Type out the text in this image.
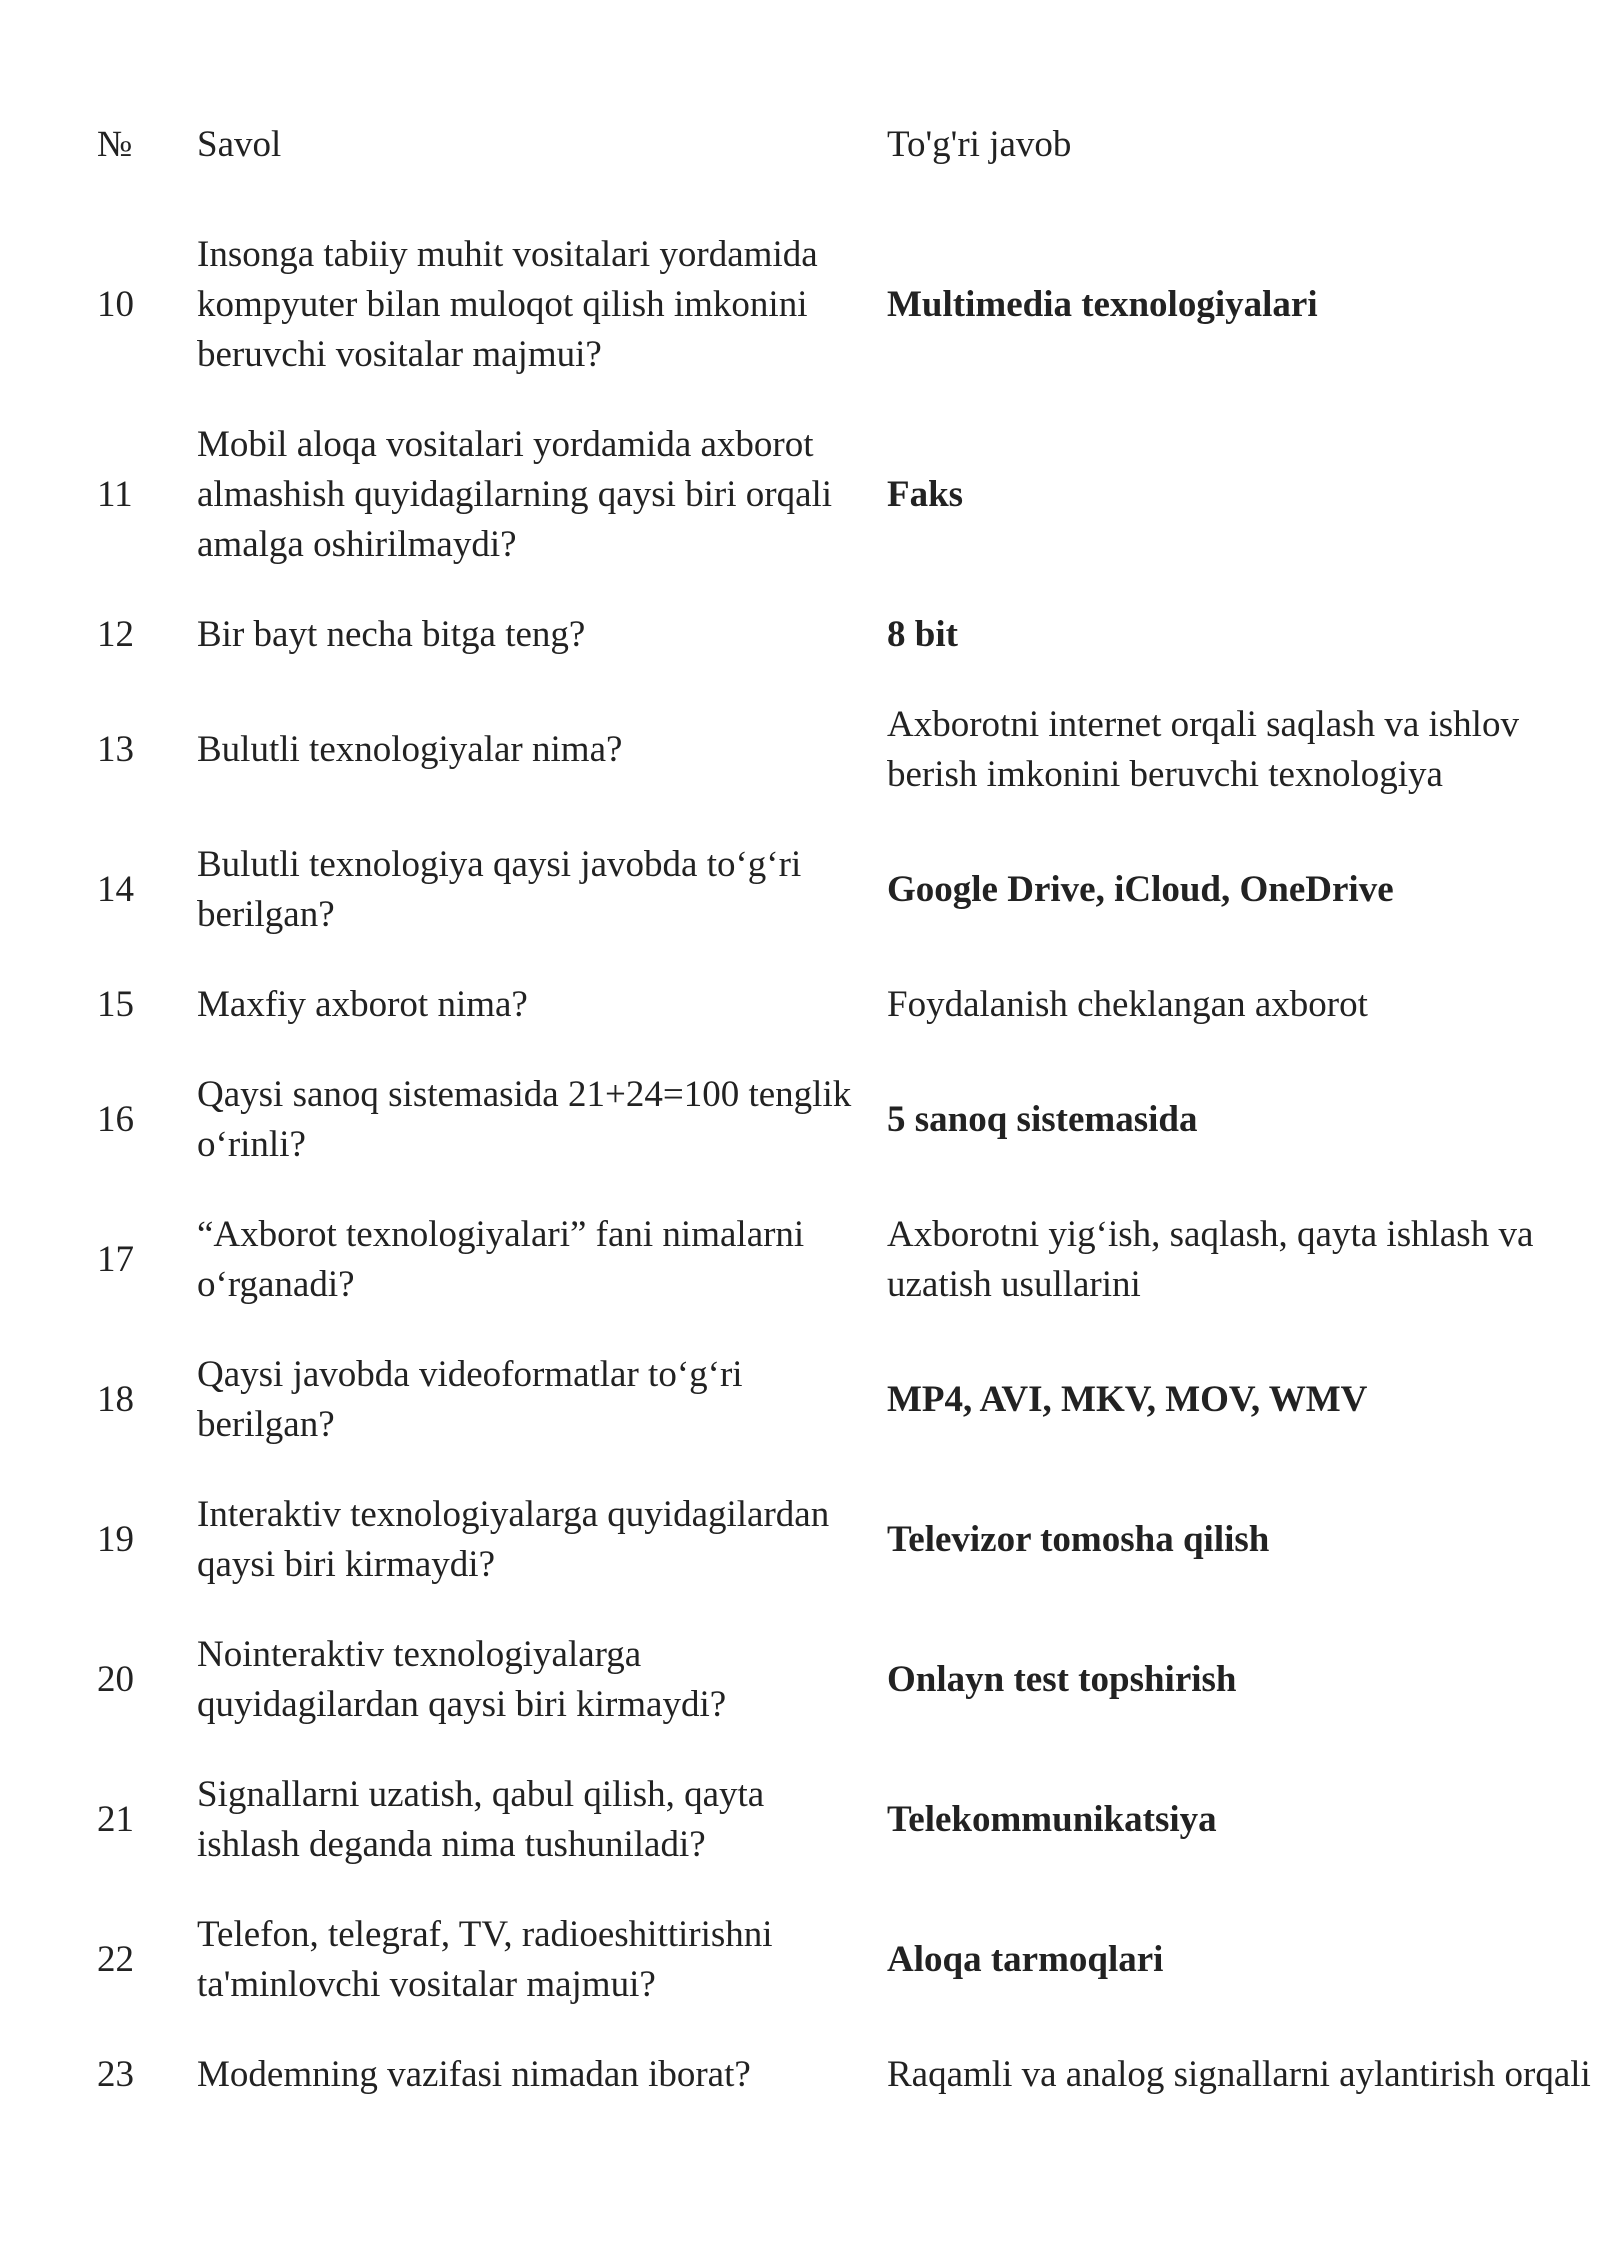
№	Savol	To'g'ri javob
10	Insonga tabiiy muhit vositalari yordamida kompyuter bilan muloqot qilish imkonini beruvchi vositalar majmui?	Multimedia texnologiyalari
11	Mobil aloqa vositalari yordamida axborot almashish quyidagilarning qaysi biri orqali amalga oshirilmaydi?	Faks
12	Bir bayt necha bitga teng?	8 bit
13	Bulutli texnologiyalar nima?	Axborotni internet orqali saqlash va ishlov berish imkonini beruvchi texnologiya
14	Bulutli texnologiya qaysi javobda to‘g‘ri berilgan?	Google Drive, iCloud, OneDrive
15	Maxfiy axborot nima?	Foydalanish cheklangan axborot
16	Qaysi sanoq sistemasida 21+24=100 tenglik o‘rinli?	5 sanoq sistemasida
17	“Axborot texnologiyalari” fani nimalarni o‘rganadi?	Axborotni yig‘ish, saqlash, qayta ishlash va uzatish usullarini
18	Qaysi javobda videoformatlar to‘g‘ri berilgan?	MP4, AVI, MKV, MOV, WMV
19	Interaktiv texnologiyalarga quyidagilardan qaysi biri kirmaydi?	Televizor tomosha qilish
20	Nointeraktiv texnologiyalarga quyidagilardan qaysi biri kirmaydi?	Onlayn test topshirish
21	Signallarni uzatish, qabul qilish, qayta ishlash deganda nima tushuniladi?	Telekommunikatsiya
22	Telefon, telegraf, TV, radioeshittirishni ta'minlovchi vositalar majmui?	Aloqa tarmoqlari
23	Modemning vazifasi nimadan iborat?	Raqamli va analog signallarni aylantirish orqali
